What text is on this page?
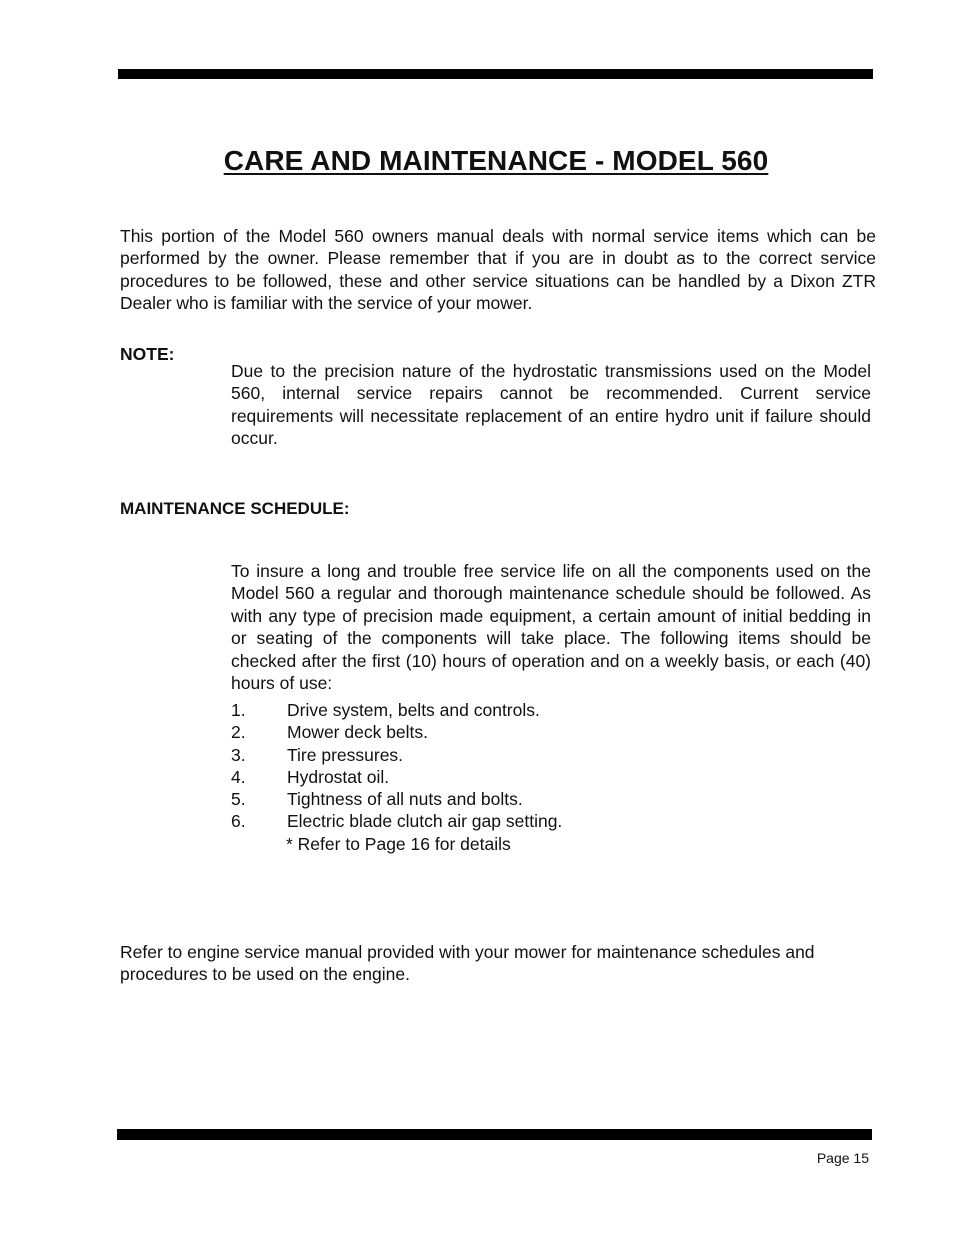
CARE AND MAINTENANCE - MODEL 560

This portion of the Model 560 owners manual deals with normal service items which can be performed by the owner. Please remember that if you are in doubt as to the correct service procedures to be followed, these and other service situations can be handled by a Dixon ZTR Dealer who is familiar with the service of your mower.

NOTE:

Due to the precision nature of the hydrostatic transmissions used on the Model 560, internal service repairs cannot be recommended. Current service requirements will necessitate replacement of an entire hydro unit if failure should occur.

MAINTENANCE SCHEDULE:

To insure a long and trouble free service life on all the components used on the Model 560 a regular and thorough maintenance schedule should be followed. As with any type of precision made equipment, a certain amount of initial bedding in or seating of the components will take place. The following items should be checked after the first (10) hours of operation and on a weekly basis, or each (40) hours of use:

1.	Drive system, belts and controls.
2.	Mower deck belts.
3.	Tire pressures.
4.	Hydrostat oil.
5.	Tightness of all nuts and bolts.
6.	Electric blade clutch air gap setting.
* Refer to Page 16 for details

Refer to engine service manual provided with your mower for maintenance schedules and procedures to be used on the engine.

Page 15
